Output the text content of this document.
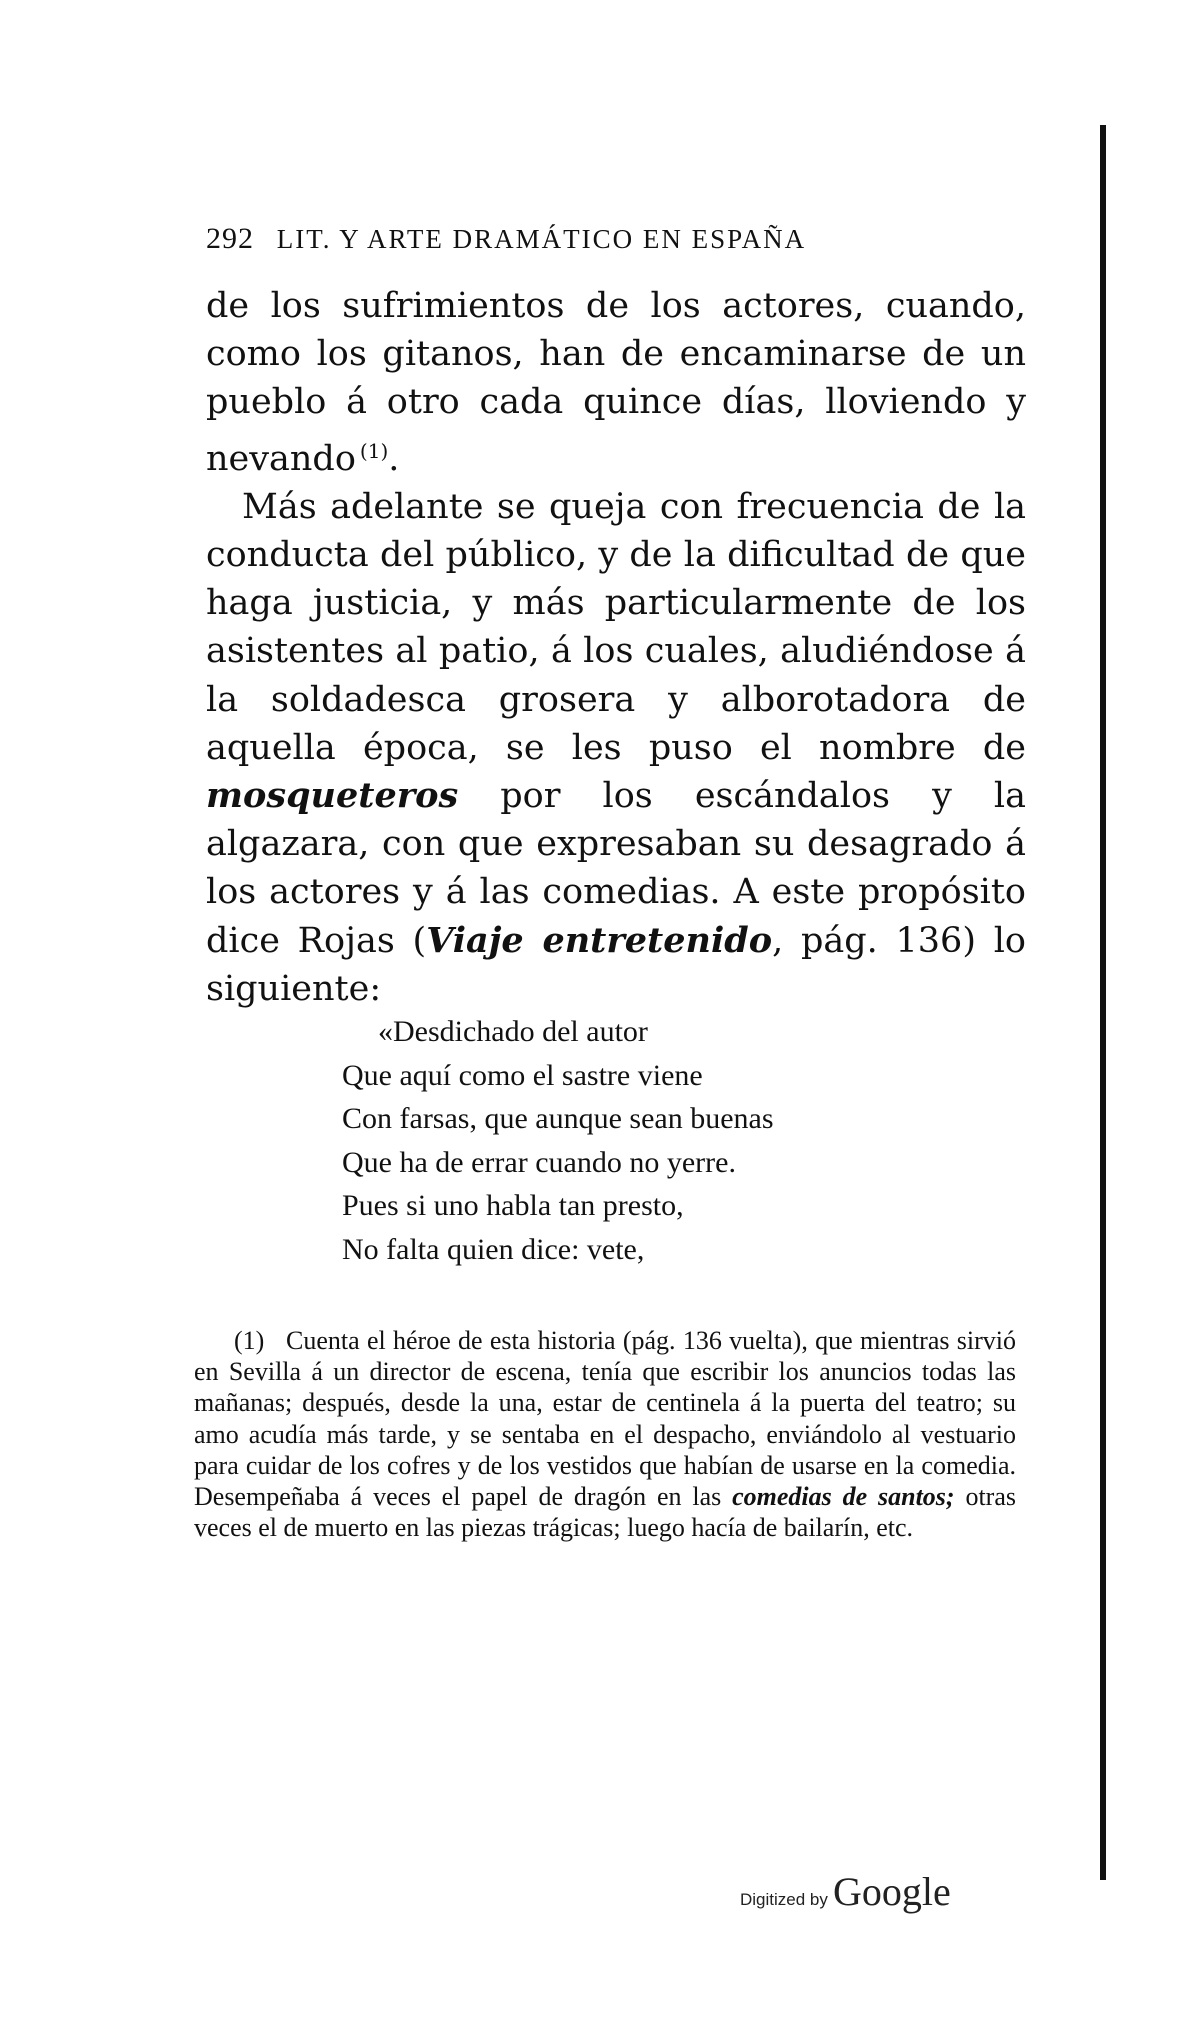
292 LIT. Y ARTE DRAMÁTICO EN ESPAÑA

de los sufrimientos de los actores, cuando, como los gitanos, han de encaminarse de un pueblo á otro cada quince días, lloviendo y nevando $^{(1)}$.

Más adelante se queja con frecuencia de la conducta del público, y de la dificultad de que haga justicia, y más particularmente de los asistentes al patio, á los cuales, aludiéndose á la soldadesca grosera y alborotadora de aquella época, se les puso el nombre de mosqueteros por los escándalos y la algazara, con que expresaban su desagrado á los actores y á las comedias. A este propósito dice Rojas (Viaje entretenido, pág. 136) lo siguiente:

«Desdichado del autor
Que aquí como el sastre viene
Con farsas, que aunque sean buenas
Que ha de errar cuando no yerre.
Pues si uno habla tan presto,
No falta quien dice: vete,

(1) Cuenta el héroe de esta historia (pág. 136 vuelta), que mientras sirvió en Sevilla á un director de escena, tenía que escribir los anuncios todas las mañanas; después, desde la una, estar de centinela á la puerta del teatro; su amo acudía más tarde, y se sentaba en el despacho, enviándolo al vestuario para cuidar de los cofres y de los vestidos que habían de usarse en la comedia. Desempeñaba á veces el papel de dragón en las comedias de santos; otras veces el de muerto en las piezas trágicas; luego hacía de bailarín, etc.

Digitized by Google
